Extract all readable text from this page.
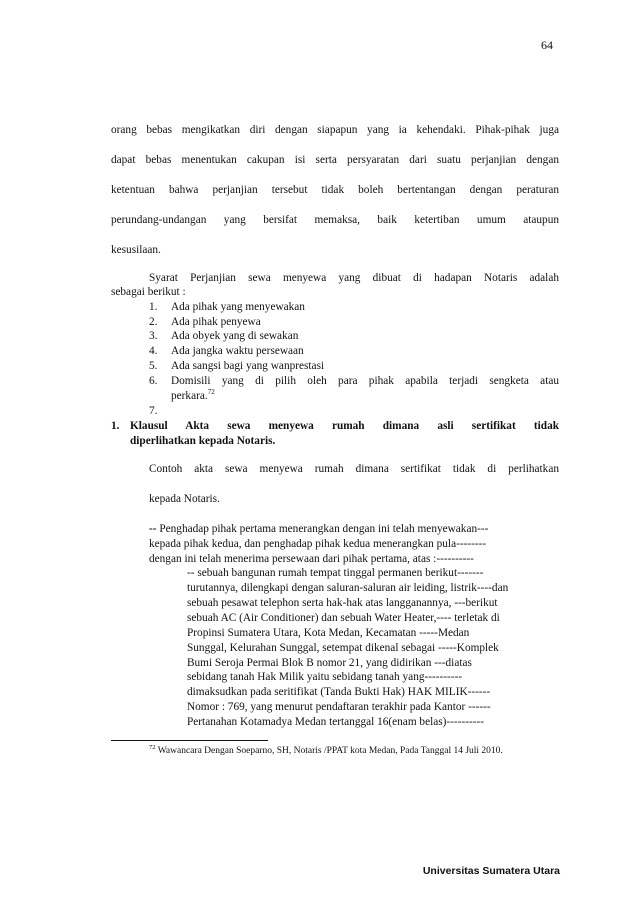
64
orang bebas mengikatkan diri dengan siapapun yang ia kehendaki. Pihak-pihak juga
dapat bebas menentukan cakupan isi serta persyaratan dari suatu perjanjian dengan
ketentuan bahwa perjanjian tersebut tidak boleh bertentangan dengan peraturan
perundang-undangan yang bersifat memaksa, baik ketertiban umum ataupun
kesusilaan.
Syarat Perjanjian sewa menyewa yang dibuat di hadapan Notaris adalah
sebagai berikut :
1. Ada pihak yang menyewakan
2. Ada pihak penyewa
3. Ada obyek yang di sewakan
4. Ada jangka waktu persewaan
5. Ada sangsi bagi yang wanprestasi
6. Domisili yang di pilih oleh para pihak apabila terjadi sengketa atau
perkara.$^{72}$
7.
1. Klausul Akta sewa menyewa rumah dimana asli sertifikat tidak
diperlihatkan kepada Notaris.
Contoh akta sewa menyewa rumah dimana sertifikat tidak di perlihatkan
kepada Notaris.
-- Penghadap pihak pertama menerangkan dengan ini telah menyewakan---
kepada pihak kedua, dan penghadap pihak kedua menerangkan pula--------
dengan ini telah menerima persewaan dari pihak pertama, atas :----------
-- sebuah bangunan rumah tempat tinggal permanen berikut-------
turutannya, dilengkapi dengan saluran-saluran air leiding, listrik----dan
sebuah pesawat telephon serta hak-hak atas langganannya, ---berikut
sebuah AC (Air Conditioner) dan sebuah Water Heater,---- terletak di
Propinsi Sumatera Utara, Kota Medan, Kecamatan -----Medan
Sunggal, Kelurahan Sunggal, setempat dikenal sebagai -----Komplek
Bumi Seroja Permai Blok B nomor 21, yang didirikan ---diatas
sebidang tanah Hak Milik yaitu sebidang tanah yang----------
dimaksudkan pada seritifikat (Tanda Bukti Hak) HAK MILIK------
Nomor : 769, yang menurut pendaftaran terakhir pada Kantor ------
Pertanahan Kotamadya Medan tertanggal 16(enam belas)----------
$^{72}$ Wawancara Dengan Soeparno, SH, Notaris /PPAT kota Medan, Pada Tanggal 14 Juli 2010.
Universitas Sumatera Utara
